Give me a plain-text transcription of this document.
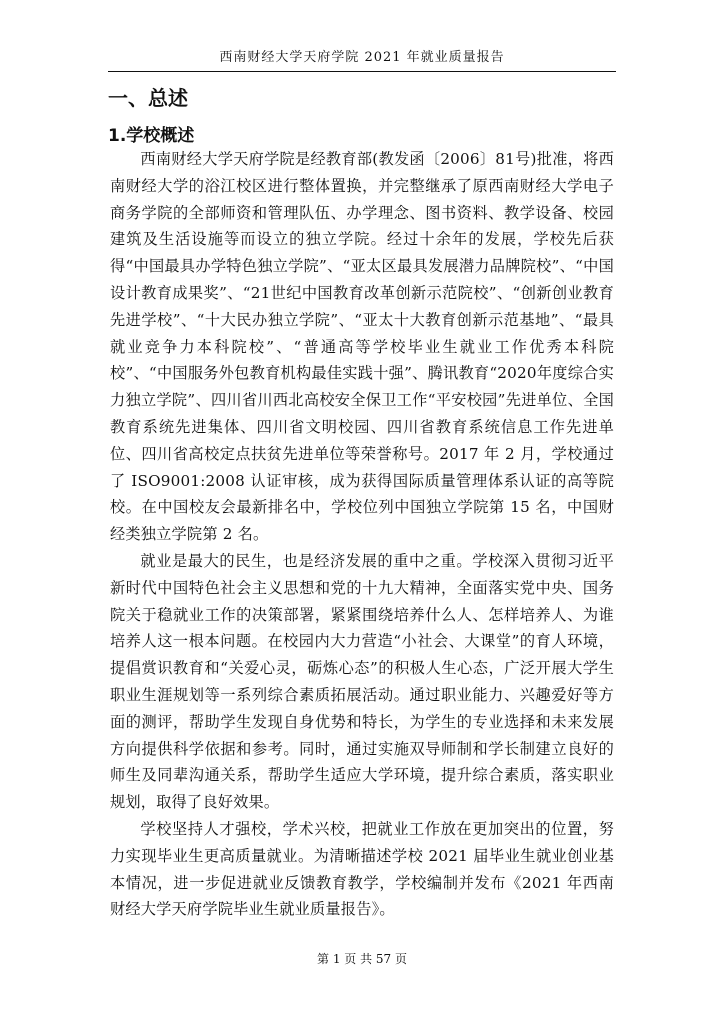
西南财经大学天府学院 2021 年就业质量报告
一、总述
1.学校概述

西南财经大学天府学院是经教育部(教发函〔2006〕81号)批准，将西南财经大学的浴江校区进行整体置换，并完整继承了原西南财经大学电子商务学院的全部师资和管理队伍、办学理念、图书资料、教学设备、校园建筑及生活设施等而设立的独立学院。经过十余年的发展，学校先后获得“中国最具办学特色独立学院”、“亚太区最具发展潜力品牌院校”、“中国设计教育成果奖”、“21世纪中国教育改革创新示范院校”、“创新创业教育先进学校”、“十大民办独立学院”、“亚太十大教育创新示范基地”、“最具就业竞争力本科院校”、“普通高等学校毕业生就业工作优秀本科院校”、“中国服务外包教育机构最佳实践十强”、腾讯教育“2020年度综合实力独立学院”、四川省川西北高校安全保卫工作“平安校园”先进单位、全国教育系统先进集体、四川省文明校园、四川省教育系统信息工作先进单位、四川省高校定点扶贫先进单位等荣誉称号。2017 年 2 月，学校通过了 ISO9001:2008 认证审核，成为获得国际质量管理体系认证的高等院校。在中国校友会最新排名中，学校位列中国独立学院第 15 名，中国财经类独立学院第 2 名。

就业是最大的民生，也是经济发展的重中之重。学校深入贯彻习近平新时代中国特色社会主义思想和党的十九大精神，全面落实党中央、国务院关于稳就业工作的决策部署，紧紧围绕培养什么人、怎样培养人、为谁培养人这一根本问题。在校园内大力营造“小社会、大课堂”的育人环境，提倡赏识教育和“关爱心灵，砺炼心态”的积极人生心态，广泛开展大学生职业生涯规划等一系列综合素质拓展活动。通过职业能力、兴趣爱好等方面的测评，帮助学生发现自身优势和特长，为学生的专业选择和未来发展方向提供科学依据和参考。同时，通过实施双导师制和学长制建立良好的师生及同辈沟通关系，帮助学生适应大学环境，提升综合素质，落实职业规划，取得了良好效果。

学校坚持人才强校，学术兴校，把就业工作放在更加突出的位置，努力实现毕业生更高质量就业。为清晰描述学校 2021 届毕业生就业创业基本情况，进一步促进就业反馈教育教学，学校编制并发布《2021 年西南财经大学天府学院毕业生就业质量报告》。

第 1 页 共 57 页
